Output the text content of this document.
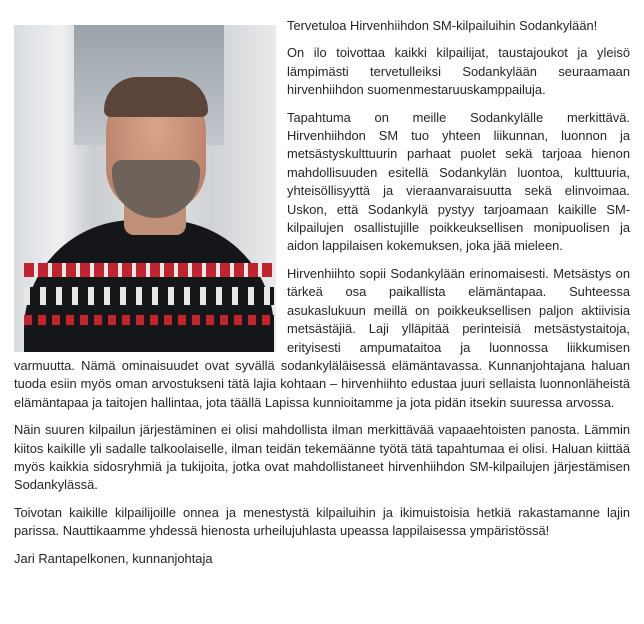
Tervetuloa Hirvenhiihdon SM-kilpailuihin Sodankylään!

On ilo toivottaa kaikki kilpailijat, taustajoukot ja yleisö lämpimästi tervetulleiksi Sodankylään seuraamaan hirvenhiihdon suomenmestaruuskamppailuja.

Tapahtuma on meille Sodankylälle merkittävä. Hirvenhiihdon SM tuo yhteen liikunnan, luonnon ja metsästyskulttuurin parhaat puolet sekä tarjoaa hienon mahdollisuuden esitellä Sodankylän luontoa, kulttuuria, yhteisöllisyyttä ja vieraanvaraisuutta sekä elinvoimaa. Uskon, että Sodankylä pystyy tarjoamaan kaikille SM-kilpailujen osallistujille poikkeuksellisen monipuolisen ja aidon lappilaisen kokemuksen, joka jää mieleen.

Hirvenhiihto sopii Sodankylään erinomaisesti. Metsästys on tärkeä osa paikallista elämäntapaa. Suhteessa asukaslukuun meillä on poikkeuksellisen paljon aktiivisia metsästäjiä. Laji ylläpitää perinteisiä metsästystaitoja, erityisesti ampumataitoa ja luonnossa liikkumisen varmuutta. Nämä ominaisuudet ovat syvällä sodankyläläisessä elämäntavassa. Kunnanjohtajana haluan tuoda esiin myös oman arvostukseni tätä lajia kohtaan – hirvenhiihto edustaa juuri sellaista luonnonläheistä elämäntapaa ja taitojen hallintaa, jota täällä Lapissa kunnioitamme ja jota pidän itsekin suuressa arvossa.

Näin suuren kilpailun järjestäminen ei olisi mahdollista ilman merkittävää vapaaehtoisten panosta. Lämmin kiitos kaikille yli sadalle talkoolaiselle, ilman teidän tekemäänne työtä tätä tapahtumaa ei olisi. Haluan kiittää myös kaikkia sidosryhmiä ja tukijoita, jotka ovat mahdollistaneet hirvenhiihdon SM-kilpailujen järjestämisen Sodankylässä.

Toivotan kaikille kilpailijoille onnea ja menestystä kilpailuihin ja ikimuistoisia hetkiä rakastamanne lajin parissa. Nauttikaamme yhdessä hienosta urheilujuhlasta upeassa lappilaisessa ympäristössä!

Jari Rantapelkonen, kunnanjohtaja
